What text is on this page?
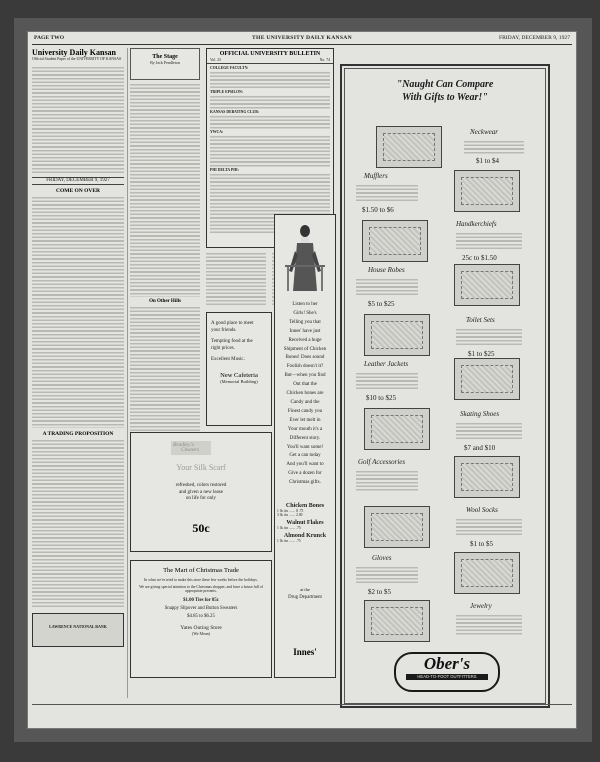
PAGE TWO	THE UNIVERSITY DAILY KANSAN	FRIDAY, DECEMBER 9, 1927
University Daily Kansan
Official Student Paper of the UNIVERSITY OF KANSAS
FRIDAY, DECEMBER 9, 1927
COME ON OVER
A TRADING PROPOSITION
LAWRENCE NATIONAL BANK
The Stage
By Jack Pendleton
On Other Hills
OFFICIAL UNIVERSITY BULLETIN
Vol. 23	No. 74
COLLEGE FACULTY:
TRIPLE EPSILON:
KANSAS DEBATING CLUB:
YWCA:
PHI DELTA PHI:
A good place to meet
your friends.
Tempting food at the
right prices.
Excellent Music.
New Cafeteria
(Memorial Building)
Bradley's
Cleaners
Your Silk Scarf
refreshed, colors restored
and given a new lease
on life for only
50c
The Mart of Christmas Trade
In what we've tried to make this store these few weeks before the holidays.
We are giving special attention to the Christmas shopper, and have a house full of appropriate presents.
$1.00 Ties for 85c
Snappy Slipover and Button Sweaters
$4.85 to $6.25
Yates Outing Store
(We Mean)
Listen to her
Girls! She's
Telling you that
Innes' have just
Received a huge
Shipment of Chicken
Bones! Does sound
Foolish doesn't it?
But—when you find
Out that the
Chicken bones are
Candy and the
Finest candy you
Ever let melt in
Your mouth it's a
Different story.
You'll want some!
Get a can today
And you'll want to
Give a dozen for
Christmas gifts.
Chicken Bones
1 lb. tin ....... $ .75
3 lb. tin ....... 2.00
Walnut Flakes
1 lb. tin ....... .75
Almond Krunck
1 lb. tin ....... .75
at the
Drug Department
Innes'
"Naught Can Compare
With Gifts to Wear!"
Neckwear
$1 to $4
Mufflers
$1.50 to $6
Handkerchiefs
25c to $1.50
House Robes
$5 to $25
Toilet Sets
$1 to $25
Leather Jackets
$10 to $25
Skating Shoes
$7 and $10
Golf Accessories
Wool Socks
$1 to $5
Gloves
$2 to $5
Jewelry
Ober's
HEAD-TO-FOOT OUTFITTERS
